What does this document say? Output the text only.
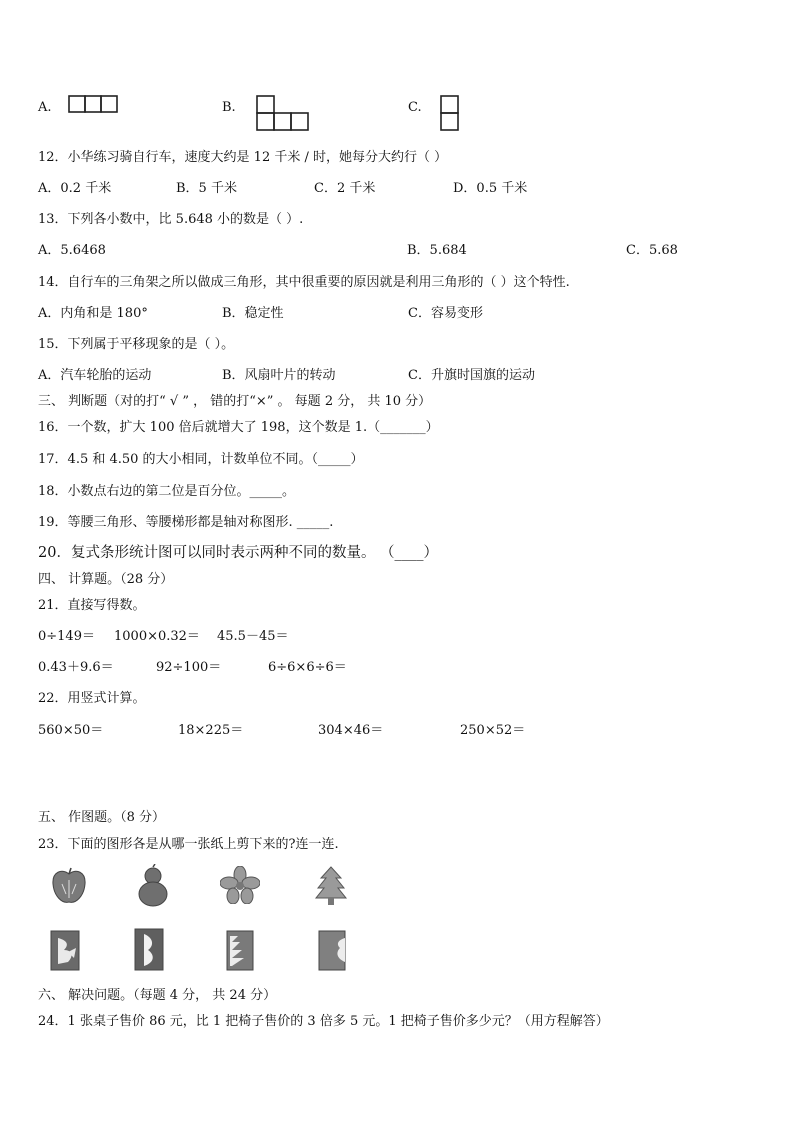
A.	B.	C.
12．小华练习骑自行车，速度大约是 12 千米 / 时，她每分大约行（ ）
A．0.2 千米	B．5 千米	C．2 千米	D．0.5 千米
13．下列各小数中，比 5.648 小的数是（ ）.
A．5.6468	B．5.684	C．5.68
14．自行车的三角架之所以做成三角形，其中很重要的原因就是利用三角形的（ ）这个特性.
A．内角和是 180°	B．稳定性	C．容易变形
15．下列属于平移现象的是（ ）。
A．汽车轮胎的运动	B．风扇叶片的转动	C．升旗时国旗的运动
三、 判断题（对的打“ √ ” ， 错的打“×” 。 每题 2 分， 共 10 分）
16．一个数，扩大 100 倍后就增大了 198，这个数是 1.（_______）
17．4.5 和 4.50 的大小相同，计数单位不同。（_____）
18．小数点右边的第二位是百分位。_____。
19．等腰三角形、等腰梯形都是轴对称图形. _____.
20．复式条形统计图可以同时表示两种不同的数量。 （____）
四、 计算题。（28 分）
21．直接写得数。
0÷149＝ 1000×0.32＝ 45.5－45＝
0.43＋9.6＝	92÷100＝	6÷6×6÷6＝
22．用竖式计算。
560×50＝	18×225＝	304×46＝	250×52＝
五、 作图题。（8 分）
23．下面的图形各是从哪一张纸上剪下来的?连一连.
六、 解决问题。（每题 4 分， 共 24 分）
24．1 张桌子售价 86 元，比 1 把椅子售价的 3 倍多 5 元。1 把椅子售价多少元？（用方程解答）
